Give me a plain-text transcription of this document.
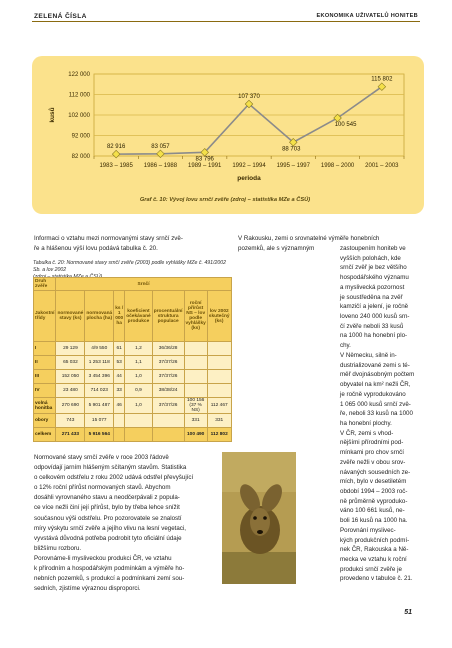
ZELENÁ ČÍSLA	EKONOMIKA UŽIVATELŮ HONITEB
82 000
92 000
102 000
112 000
122 000
1983 – 1985 1986 – 1988 1989 – 1991 1992 – 1994 1995 – 1997 1998 – 2000 2001 – 2003
kusů
perioda
82 916	83 057
83 796
107 370
88 703
100 545
115 802
Graf č. 10: Vývoj lovu srnčí zvěře (zdroj – statistika MZe a ČSÚ)
Informaci o vztahu mezi normovanými stavy srnčí zvě-
ře a hlášenou výší lovu podává tabulka č. 20.
Tabulka č. 20: Normované stavy srnčí zvěře (2003) podle vyhlášky MZe č. 491/2002 Sb. a lov 2002
Druh zvěře	Srnčí						
Jakostní třídy	normované stavy (ks)	normovaná plocha (ha)	ks / 1 000 ha	koeficient očekávané produkce	procentuální struktura populace	roční přírůst NS – lov podle vyhlášky (ks)	lov 2002 skutečný (ks)
I	29 129	4/9 550	61	1,2	36/36/28		
II	65 032	1 253 118	53	1,1	37/37/26		
III	152 050	3 454 396	44	1,0	37/37/26		
IV	23 480	714 023	33	0,9	38/38/24		
volná honitba	270 690	5 901 487	46	1,0	37/37/26	100 156 (37 % NS)	112 467
obory	743	15 077				331	331
celkem	271 433	5 916 564				100 490	112 802
V Rakousku, zemi o srovnatelné výměře honebních
pozemků, ale s významným	zastoupením honiteb ve
vyšších polohách, kde
srnčí zvěř je bez většího
hospodářského významu
a myslivecká pozornost
je soustředěna na zvěř
kamzičí a jelení, je ročně
loveno 240 000 kusů srn-
čí zvěře neboli 33 kusů
na 1000 ha honební plo-
chy.
V Německu, silně in-
dustrializované zemi s té-
měř dvojnásobným počtem
obyvatel na km² nežli ČR,
je ročně vyprodukováno
1 065 000 kusů srnčí zvě-
ře, neboli 33 kusů na 1000
ha honební plochy.
V ČR, zemi s vhod-
nějšími přírodními pod-
mínkami pro chov srnčí
zvěře nežli v obou srov-
návaných sousedních ze-
mích, bylo v desetiletém
období 1994 – 2003 roč-
ně průměrně vyproduko-
váno 100 661 kusů, ne-
boli 16 kusů na 1000 ha.
Porovnání mysliveс-
kých produkčních podmí-
nek ČR, Rakouska a Ně-
mecka ve vztahu k roční
produkci srnčí zvěře je
provedeno v tabulce č. 21.
Normované stavy srnčí zvěře v roce 2003 řádově
odpovídají jarním hlášeným sčítaným stavům. Statistika
o celkovém odstřelu z roku 2002 udává odstřel převyšující
o 12% roční přírůst normovaných stavů. Abychom
dosáhli vyrovnaného stavu a neodčerpávali z popula-
ce více nežli činí její přírůst, bylo by třeba lehce snížit
současnou výši odstřelu. Pro pozorovatele se znalostí
míry výskytu srnčí zvěře a jejího vlivu na lesní vegetaci,
vyvstává důvodná potřeba podrobit tyto oficiální údaje
bližšímu rozboru.
Porovnáme-li mysliveckou produkci ČR, ve vztahu
k přírodním a hospodářským podmínkám a výměře ho-
nebních pozemků, s produkcí a podmínkami zemí sou-
sedních, zjistíme výraznou disproporci.
51
